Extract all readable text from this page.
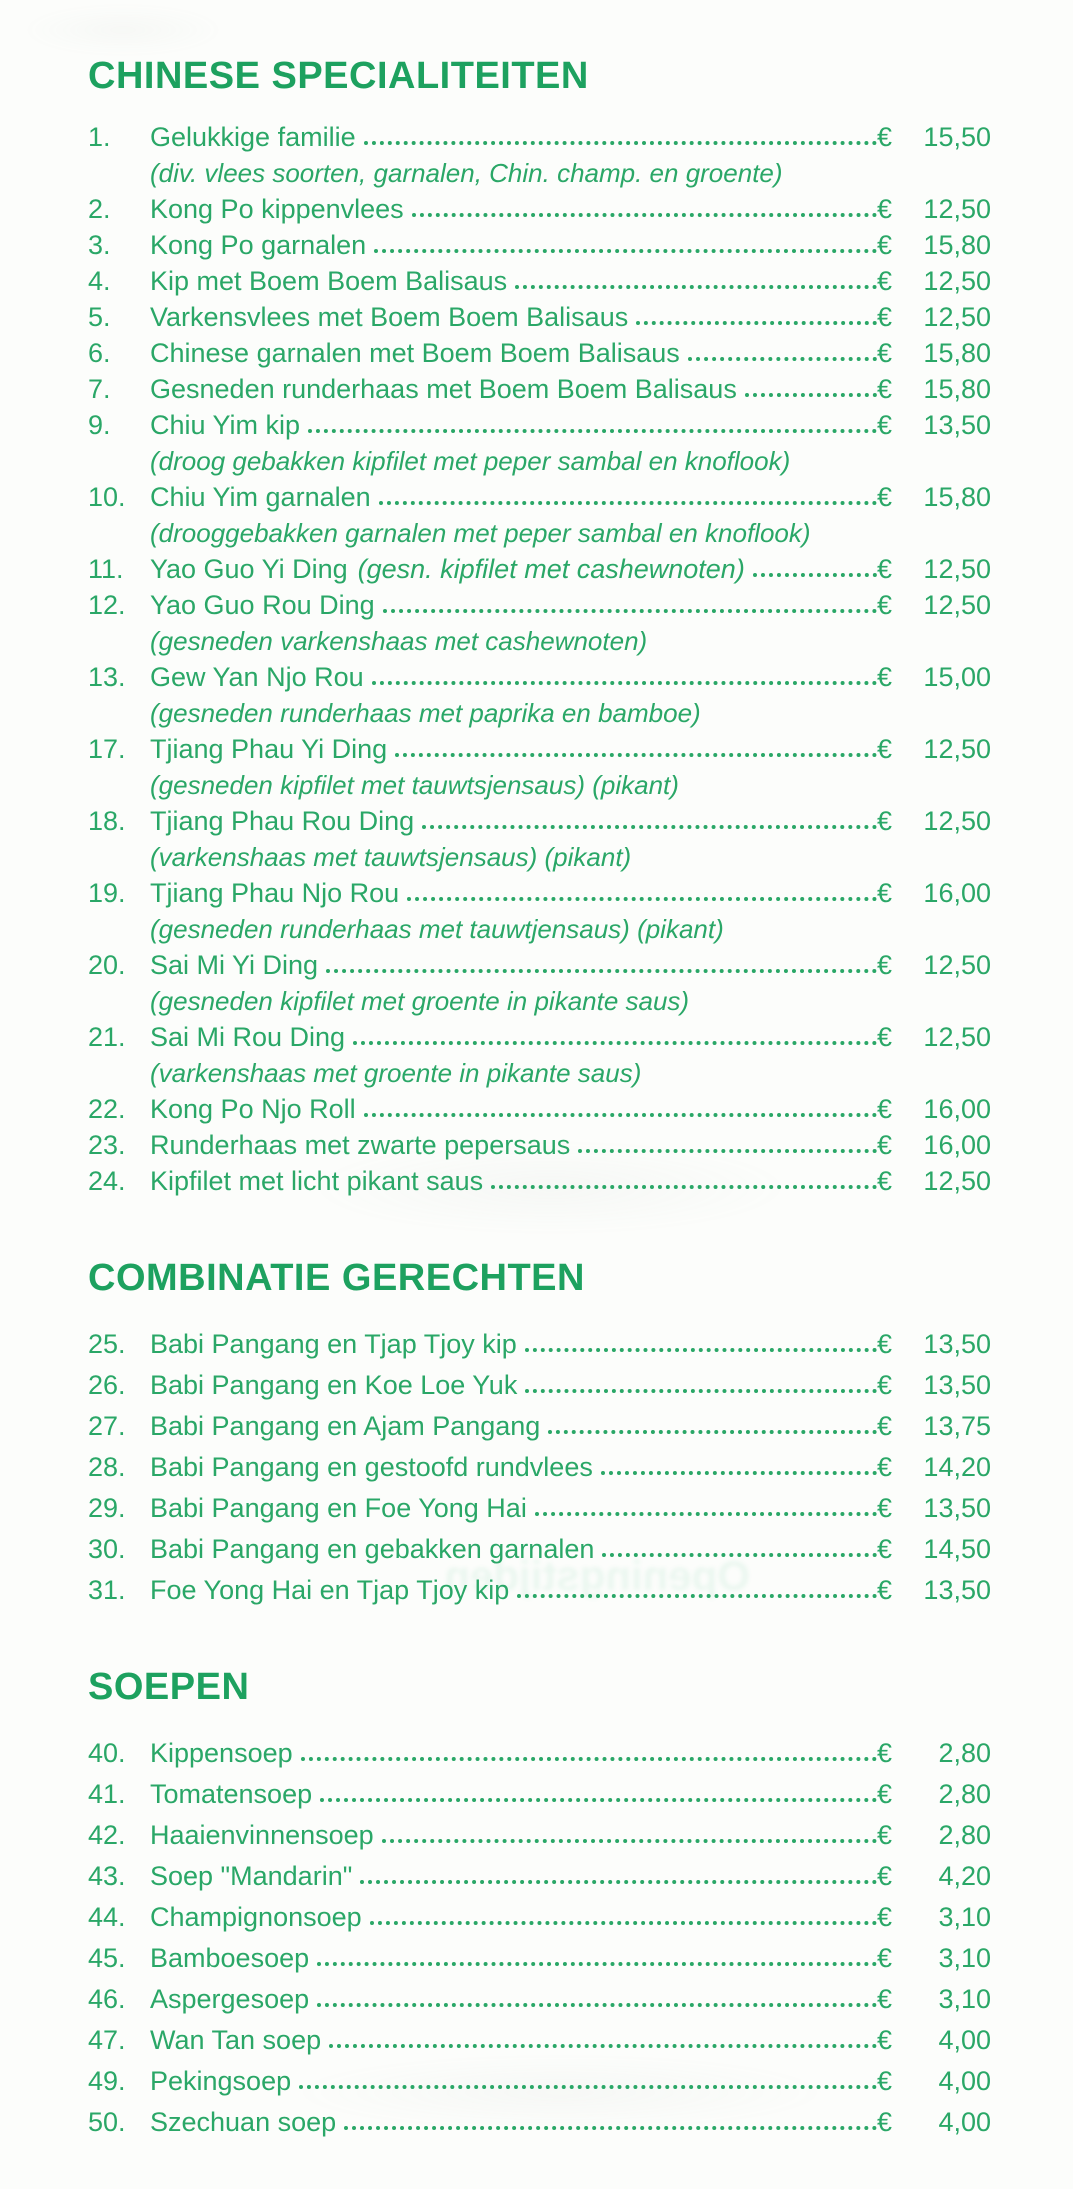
Openingstijden
CHINESE SPECIALITEITEN
1.	Gelukkige familie	€	15,50
(div. vlees soorten, garnalen, Chin. champ. en groente)
2.	Kong Po kippenvlees	€	12,50
3.	Kong Po garnalen	€	15,80
4.	Kip met Boem Boem Balisaus	€	12,50
5.	Varkensvlees met Boem Boem Balisaus	€	12,50
6.	Chinese garnalen met Boem Boem Balisaus	€	15,80
7.	Gesneden runderhaas met Boem Boem Balisaus	€	15,80
9.	Chiu Yim kip	€	13,50
(droog gebakken kipfilet met peper sambal en knoflook)
10. Chiu Yim garnalen	€	15,80
(drooggebakken garnalen met peper sambal en knoflook)
11. Yao Guo Yi Ding (gesn. kipfilet met cashewnoten)	€	12,50
12. Yao Guo Rou Ding	€	12,50
(gesneden varkenshaas met cashewnoten)
13. Gew Yan Njo Rou	€	15,00
(gesneden runderhaas met paprika en bamboe)
17. Tjiang Phau Yi Ding	€	12,50
(gesneden kipfilet met tauwtsjensaus) (pikant)
18. Tjiang Phau Rou Ding	€	12,50
(varkenshaas met tauwtsjensaus) (pikant)
19. Tjiang Phau Njo Rou	€	16,00
(gesneden runderhaas met tauwtjensaus) (pikant)
20. Sai Mi Yi Ding	€	12,50
(gesneden kipfilet met groente in pikante saus)
21. Sai Mi Rou Ding	€	12,50
(varkenshaas met groente in pikante saus)
22. Kong Po Njo Roll	€	16,00
23. Runderhaas met zwarte pepersaus	€	16,00
24. Kipfilet met licht pikant saus	€	12,50
COMBINATIE GERECHTEN
25. Babi Pangang en Tjap Tjoy kip	€	13,50
26. Babi Pangang en Koe Loe Yuk	€	13,50
27. Babi Pangang en Ajam Pangang	€	13,75
28. Babi Pangang en gestoofd rundvlees	€	14,20
29. Babi Pangang en Foe Yong Hai	€	13,50
30. Babi Pangang en gebakken garnalen	€	14,50
31. Foe Yong Hai en Tjap Tjoy kip	€	13,50
SOEPEN
40. Kippensoep	€	2,80
41. Tomatensoep	€	2,80
42. Haaienvinnensoep	€	2,80
43. Soep "Mandarin"	€	4,20
44. Champignonsoep	€	3,10
45. Bamboesoep	€	3,10
46. Aspergesoep	€	3,10
47. Wan Tan soep	€	4,00
49. Pekingsoep	€	4,00
50. Szechuan soep	€	4,00
